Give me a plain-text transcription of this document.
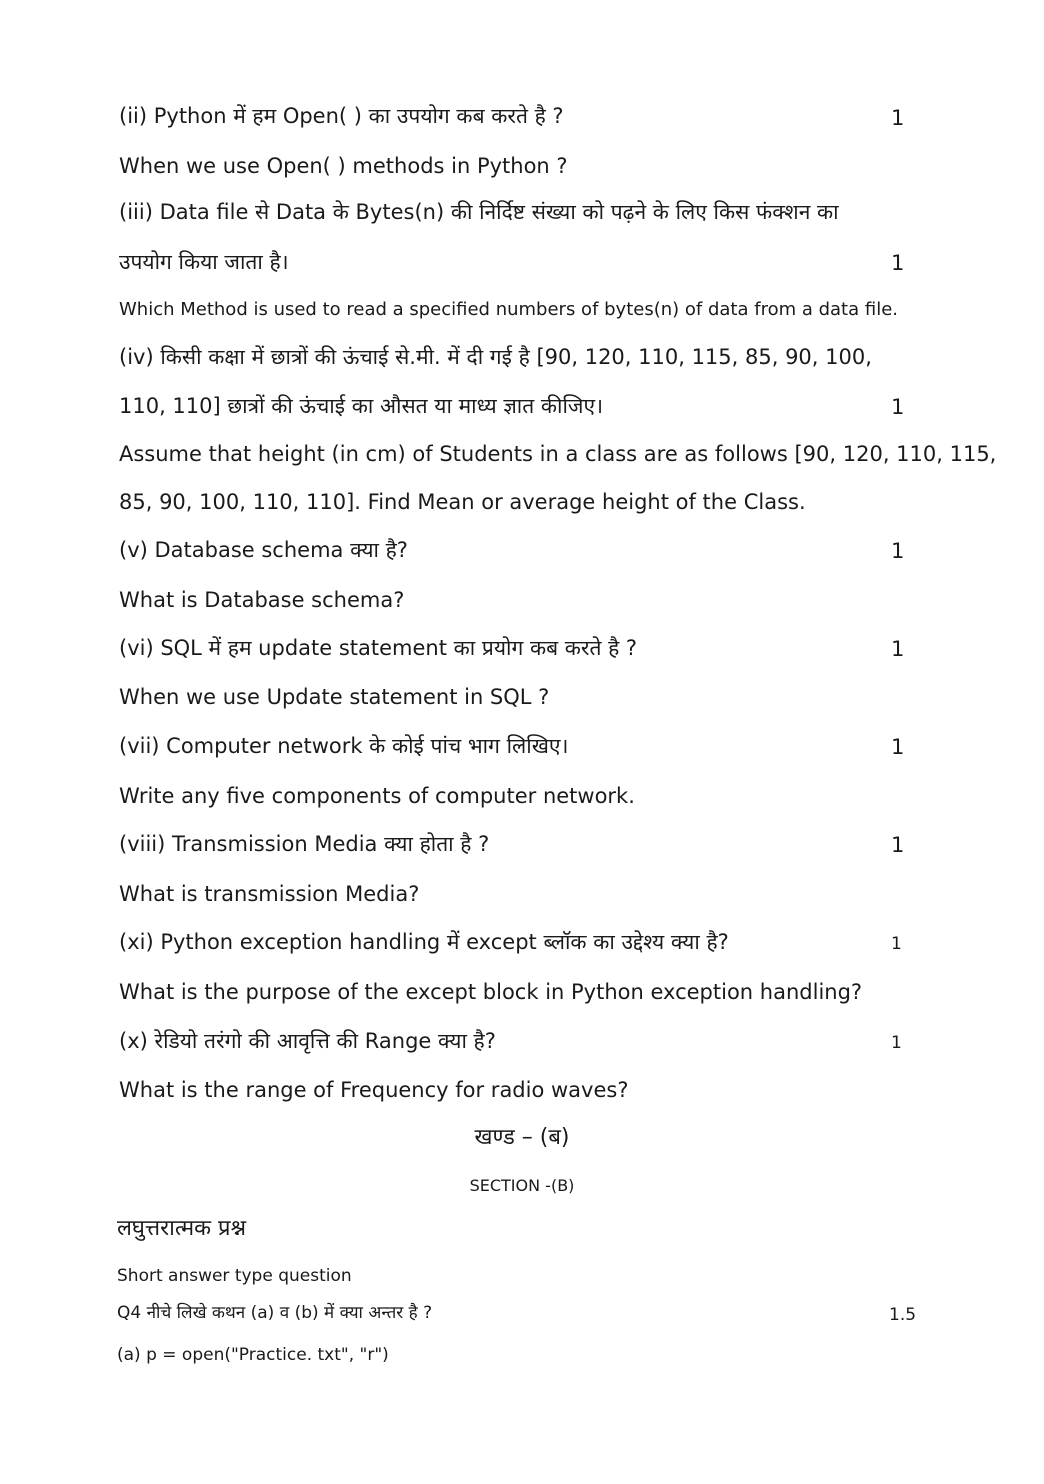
(ii) Python में हम Open( ) का उपयोग कब करते है ?	1
When we use Open( ) methods in Python ?
(iii) Data file से Data के Bytes(n) की निर्दिष्ट संख्या को पढ़ने के लिए किस फंक्शन का
उपयोग किया जाता है।	1
Which Method is used to read a specified numbers of bytes(n) of data from a data file.
(iv) किसी कक्षा में छात्रों की ऊंचाई से.मी. में दी गई है [90, 120, 110, 115, 85, 90, 100,
110, 110] छात्रों की ऊंचाई का औसत या माध्य ज्ञात कीजिए।	1
Assume that height (in cm) of Students in a class are as follows [90, 120, 110, 115,
85, 90, 100, 110, 110]. Find Mean or average height of the Class.
(v) Database schema क्या है?	1
What is Database schema?
(vi) SQL में हम update statement का प्रयोग कब करते है ?	1
When we use Update statement in SQL ?
(vii) Computer network के कोई पांच भाग लिखिए।	1
Write any five components of computer network.
(viii) Transmission Media क्या होता है ?	1
What is transmission Media?
(xi) Python exception handling में except ब्लॉक का उद्देश्य क्या है?	1
What is the purpose of the except block in Python exception handling?
(x) रेडियो तरंगो की आवृत्ति की Range क्या है?	1
What is the range of Frequency for radio waves?
खण्ड – (ब)
SECTION -(B)
लघुत्तरात्मक प्रश्न
Short answer type question
Q4 नीचे लिखे कथन (a) व (b) में क्या अन्तर है ?	1.5
(a) p = open("Practice. txt", "r")
